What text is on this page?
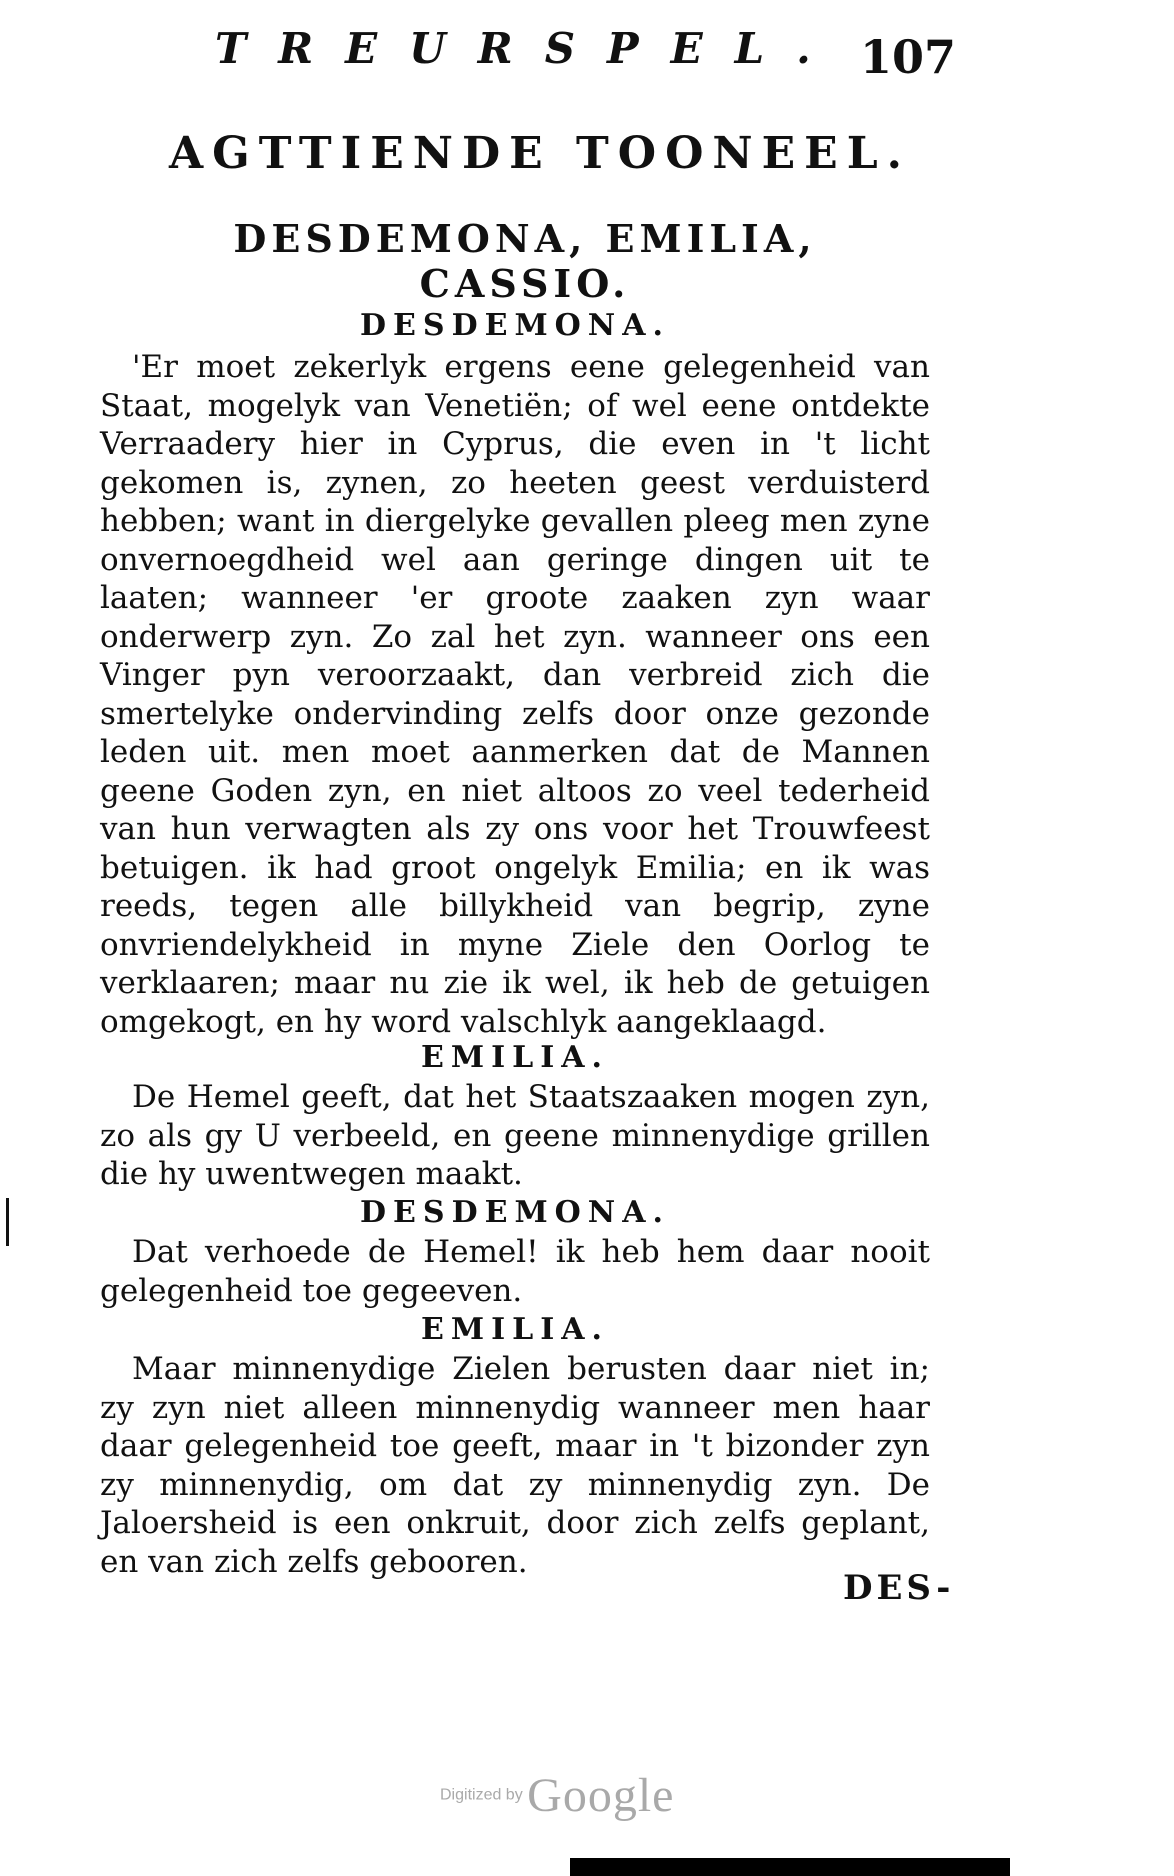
TREURSPEL. 107
AGTTIENDE TOONEEL.
DESDEMONA, EMILIA, CASSIO.
DESDEMONA.
'Er moet zekerlyk ergens eene gelegenheid van Staat, mogelyk van Venetiën; of wel eene ontdekte Verraadery hier in Cyprus, die even in 't licht gekomen is, zynen, zo heeten geest verduisterd hebben; want in diergelyke gevallen pleeg men zyne onvernoegdheid wel aan geringe dingen uit te laaten; wanneer 'er groote zaaken zyn waar onderwerp zyn. Zo zal het zyn. wanneer ons een Vinger pyn veroorzaakt, dan verbreid zich die smertelyke ondervinding zelfs door onze gezonde leden uit. men moet aanmerken dat de Mannen geene Goden zyn, en niet altoos zo veel tederheid van hun verwagten als zy ons voor het Trouwfeest betuigen. ik had groot ongelyk Emilia; en ik was reeds, tegen alle billykheid van begrip, zyne onvriendelykheid in myne Ziele den Oorlog te verklaaren; maar nu zie ik wel, ik heb de getuigen omgekogt, en hy word valschlyk aangeklaagd.
EMILIA.
De Hemel geeft, dat het Staatszaaken mogen zyn, zo als gy U verbeeld, en geene minnenydige grillen die hy uwentwegen maakt.
DESDEMONA.
Dat verhoede de Hemel! ik heb hem daar nooit gelegenheid toe gegeeven.
EMILIA.
Maar minnenydige Zielen berusten daar niet in; zy zyn niet alleen minnenydig wanneer men haar daar gelegenheid toe geeft, maar in 't bizonder zyn zy minnenydig, om dat zy minnenydig zyn. De Jaloersheid is een onkruit, door zich zelfs geplant, en van zich zelfs gebooren.
DES-
Digitized by Google
